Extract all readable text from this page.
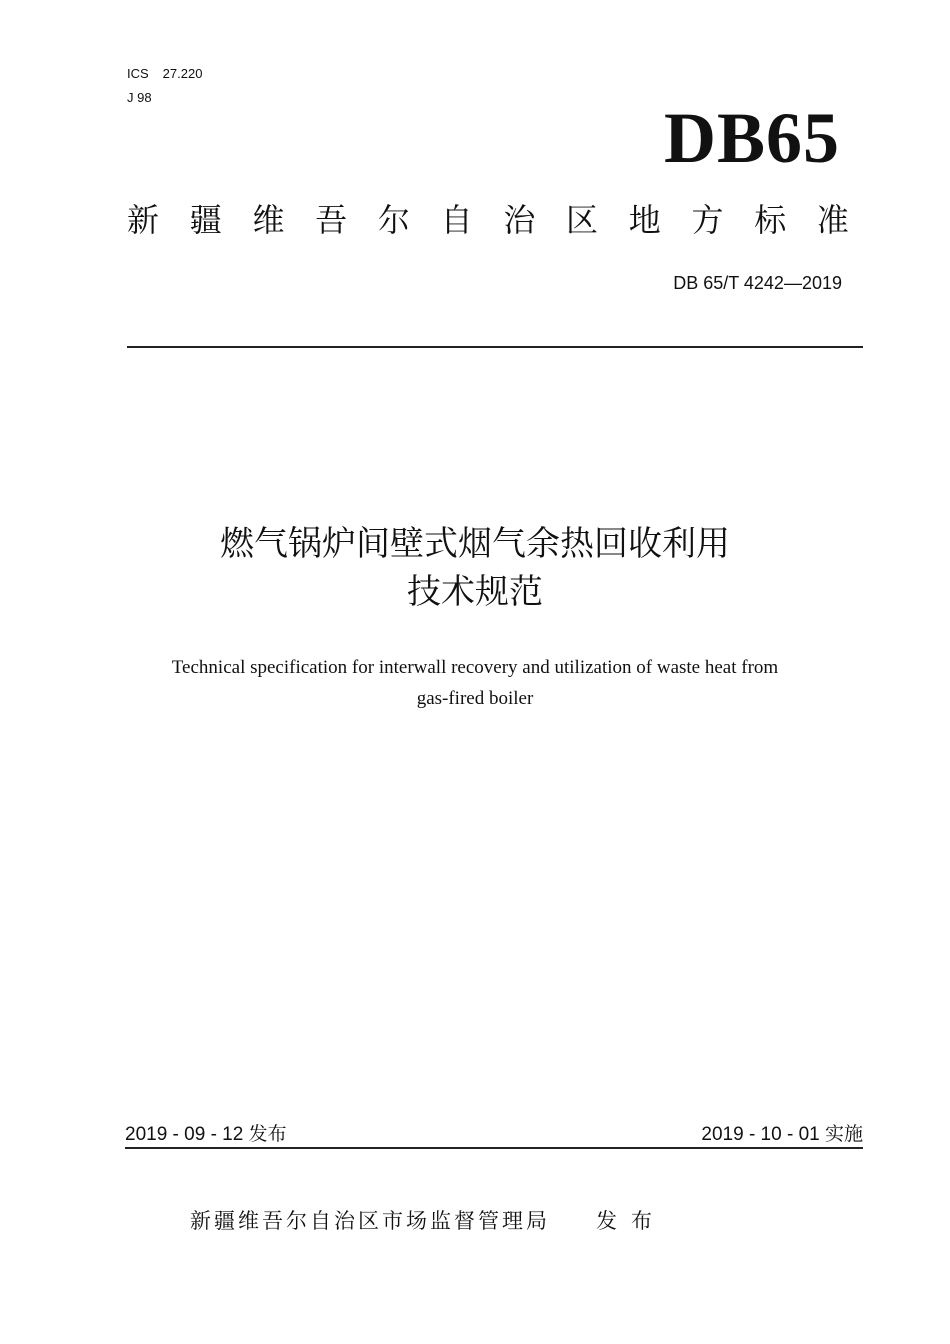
ICS 27.220
J 98
DB65
新 疆 维 吾 尔 自 治 区 地 方 标 准
DB 65/T 4242—2019
燃气锅炉间壁式烟气余热回收利用
技术规范
Technical specification for interwall recovery and utilization of waste heat from
gas-fired boiler
2019 - 09 - 12 发布	2019 - 10 - 01 实施
新疆维吾尔自治区市场监督管理局 发布
